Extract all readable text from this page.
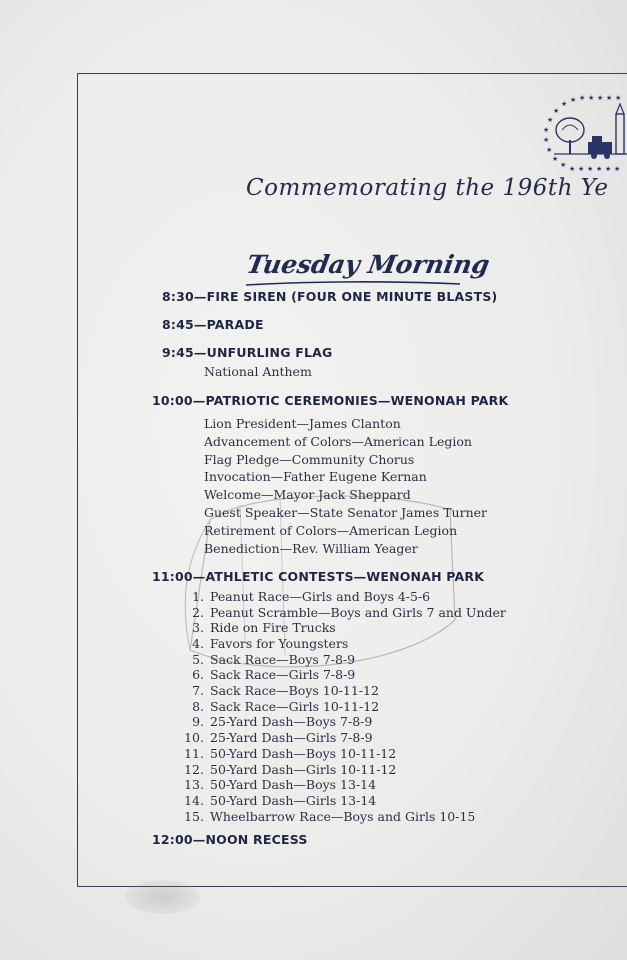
★ ★ ★ ★ ★ ★
★
★
★
★
★
★
★
★ ★ ★ ★ ★ ★ ★
Commemorating the 196th Ye
Tuesday Morning
8:30—FIRE SIREN (FOUR ONE MINUTE BLASTS)
8:45—PARADE
9:45—UNFURLING FLAG
National Anthem
10:00—PATRIOTIC CEREMONIES—WENONAH PARK
Lion President—James Clanton
Advancement of Colors—American Legion
Flag Pledge—Community Chorus
Invocation—Father Eugene Kernan
Welcome—Mayor Jack Sheppard
Guest Speaker—State Senator James Turner
Retirement of Colors—American Legion
Benediction—Rev. William Yeager
11:00—ATHLETIC CONTESTS—WENONAH PARK
1. Peanut Race—Girls and Boys 4-5-6
2. Peanut Scramble—Boys and Girls 7 and Under
3. Ride on Fire Trucks
4. Favors for Youngsters
5. Sack Race—Boys 7-8-9
6. Sack Race—Girls 7-8-9
7. Sack Race—Boys 10-11-12
8. Sack Race—Girls 10-11-12
9. 25-Yard Dash—Boys 7-8-9
10. 25-Yard Dash—Girls 7-8-9
11. 50-Yard Dash—Boys 10-11-12
12. 50-Yard Dash—Girls 10-11-12
13. 50-Yard Dash—Boys 13-14
14. 50-Yard Dash—Girls 13-14
15. Wheelbarrow Race—Boys and Girls 10-15
12:00—NOON RECESS
